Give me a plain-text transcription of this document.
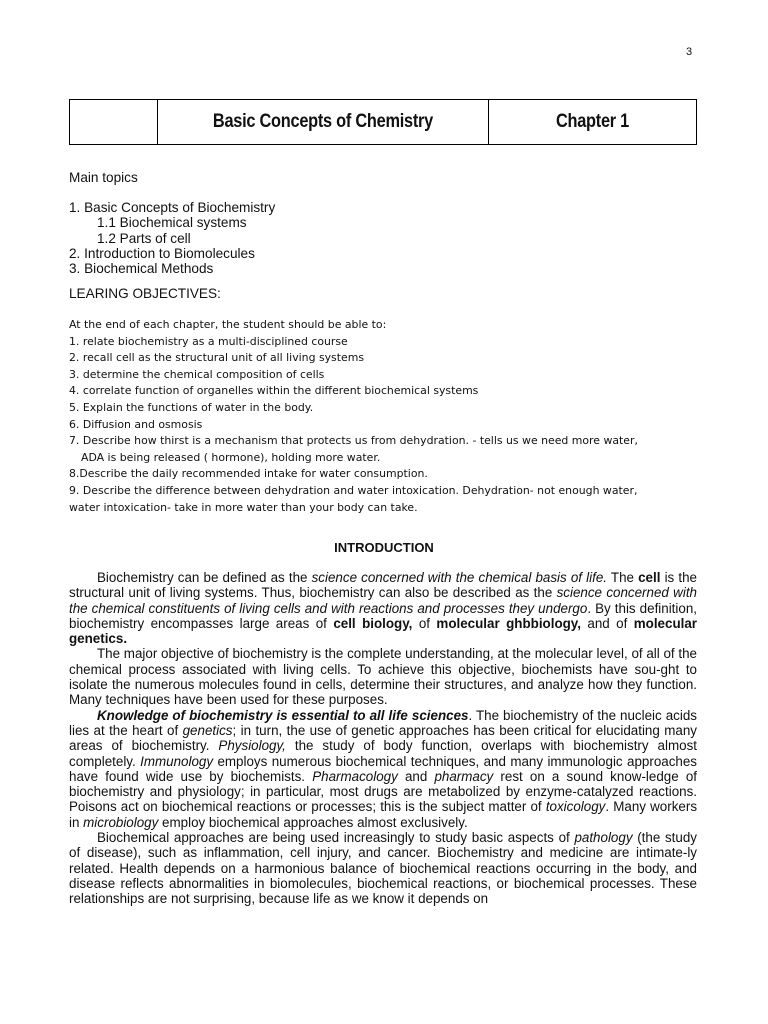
3
Basic Concepts of Chemistry	Chapter 1
Main topics
1. Basic Concepts of Biochemistry
1.1 Biochemical systems
1.2 Parts of cell
2. Introduction to Biomolecules
3. Biochemical Methods
LEARING OBJECTIVES:
At the end of each chapter, the student should be able to:
1. relate biochemistry as a multi-disciplined course
2. recall cell as the structural unit of all living systems
3. determine the chemical composition of cells
4. correlate function of organelles within the different biochemical systems
5. Explain the functions of water in the body.
6. Diffusion and osmosis
7. Describe how thirst is a mechanism that protects us from dehydration. - tells us we need more water,
ADA is being released ( hormone), holding more water.
8.Describe the daily recommended intake for water consumption.
9. Describe the difference between dehydration and water intoxication. Dehydration- not enough water,
water intoxication- take in more water than your body can take.
INTRODUCTION

Biochemistry can be defined as the science concerned with the chemical basis of life. The cell is the structural unit of living systems. Thus, biochemistry can also be described as the science concerned with the chemical constituents of living cells and with reactions and processes they undergo. By this definition, biochemistry encompasses large areas of cell biology, of molecular ghbbiology, and of molecular genetics.

The major objective of biochemistry is the complete understanding, at the molecular level, of all of the chemical process associated with living cells. To achieve this objective, biochemists have sou-ght to isolate the numerous molecules found in cells, determine their structures, and analyze how they function. Many techniques have been used for these purposes.

Knowledge of biochemistry is essential to all life sciences. The biochemistry of the nucleic acids lies at the heart of genetics; in turn, the use of genetic approaches has been critical for elucidating many areas of biochemistry. Physiology, the study of body function, overlaps with biochemistry almost completely. Immunology employs numerous biochemical techniques, and many immunologic approaches have found wide use by biochemists. Pharmacology and pharmacy rest on a sound know-ledge of biochemistry and physiology; in particular, most drugs are metabolized by enzyme-catalyzed reactions. Poisons act on biochemical reactions or processes; this is the subject matter of toxicology. Many workers in microbiology employ biochemical approaches almost exclusively.

Biochemical approaches are being used increasingly to study basic aspects of pathology (the study of disease), such as inflammation, cell injury, and cancer. Biochemistry and medicine are intimate-ly related. Health depends on a harmonious balance of biochemical reactions occurring in the body, and disease reflects abnormalities in biomolecules, biochemical reactions, or biochemical processes. These relationships are not surprising, because life as we know it depends on
